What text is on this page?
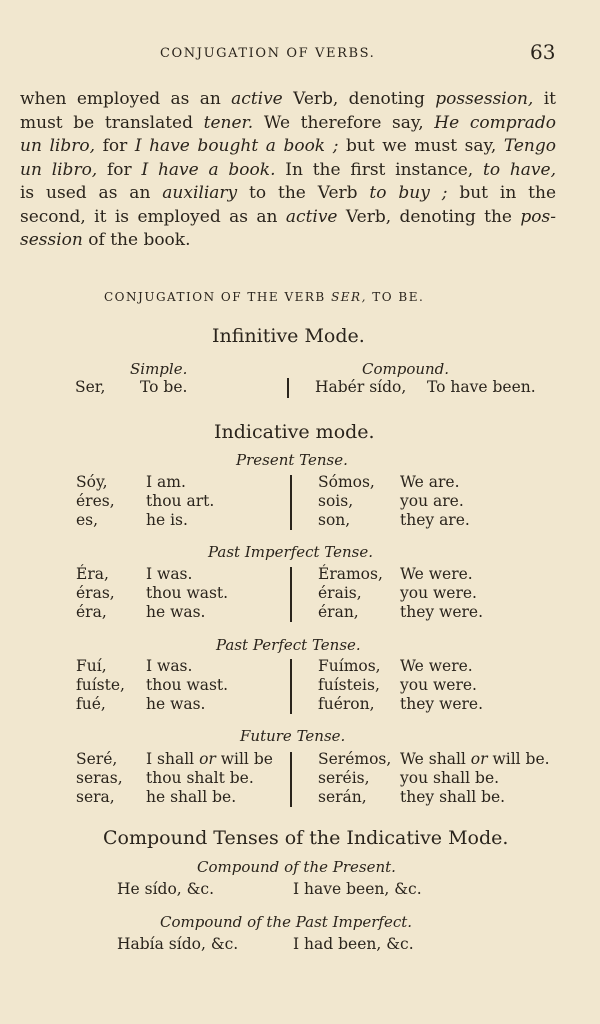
CONJUGATION OF VERBS.	63
when employed as an active Verb, denoting possession, it
must be translated tener. We therefore say, He comprado
un libro, for I have bought a book ; but we must say, Tengo
un libro, for I have a book. In the first instance, to have,
is used as an auxiliary to the Verb to buy ; but in the
second, it is employed as an active Verb, denoting the pos-
session of the book.
CONJUGATION OF THE VERB SER, TO BE.
Infinitive Mode.
Simple.	Compound.
Ser, To be.	Habér sído, To have been.
Indicative mode.
Present Tense.
Sóy, I am.	Sómos, We are.
éres, thou art.	sois,	you are.
es,	he is.	son,	they are.
Past Imperfect Tense.
Éra, I was.	Éramos, We were.
éras, thou wast.	érais, you were.
éra,	he was.	éran,	they were.
Past Perfect Tense.
Fuí,	I was.	Fuímos, We were.
fuíste, thou wast.	fuísteis, you were.
fué,	he was.	fuéron, they were.
Future Tense.
Seré, I shall or will be	Serémos, We shall or will be.
seras, thou shalt be.	seréis, you shall be.
sera, he shall be.	serán, they shall be.
Compound Tenses of the Indicative Mode.
Compound of the Present.
He sído, &c.	I have been, &c.
Compound of the Past Imperfect.
Había sído, &c.	I had been, &c.
